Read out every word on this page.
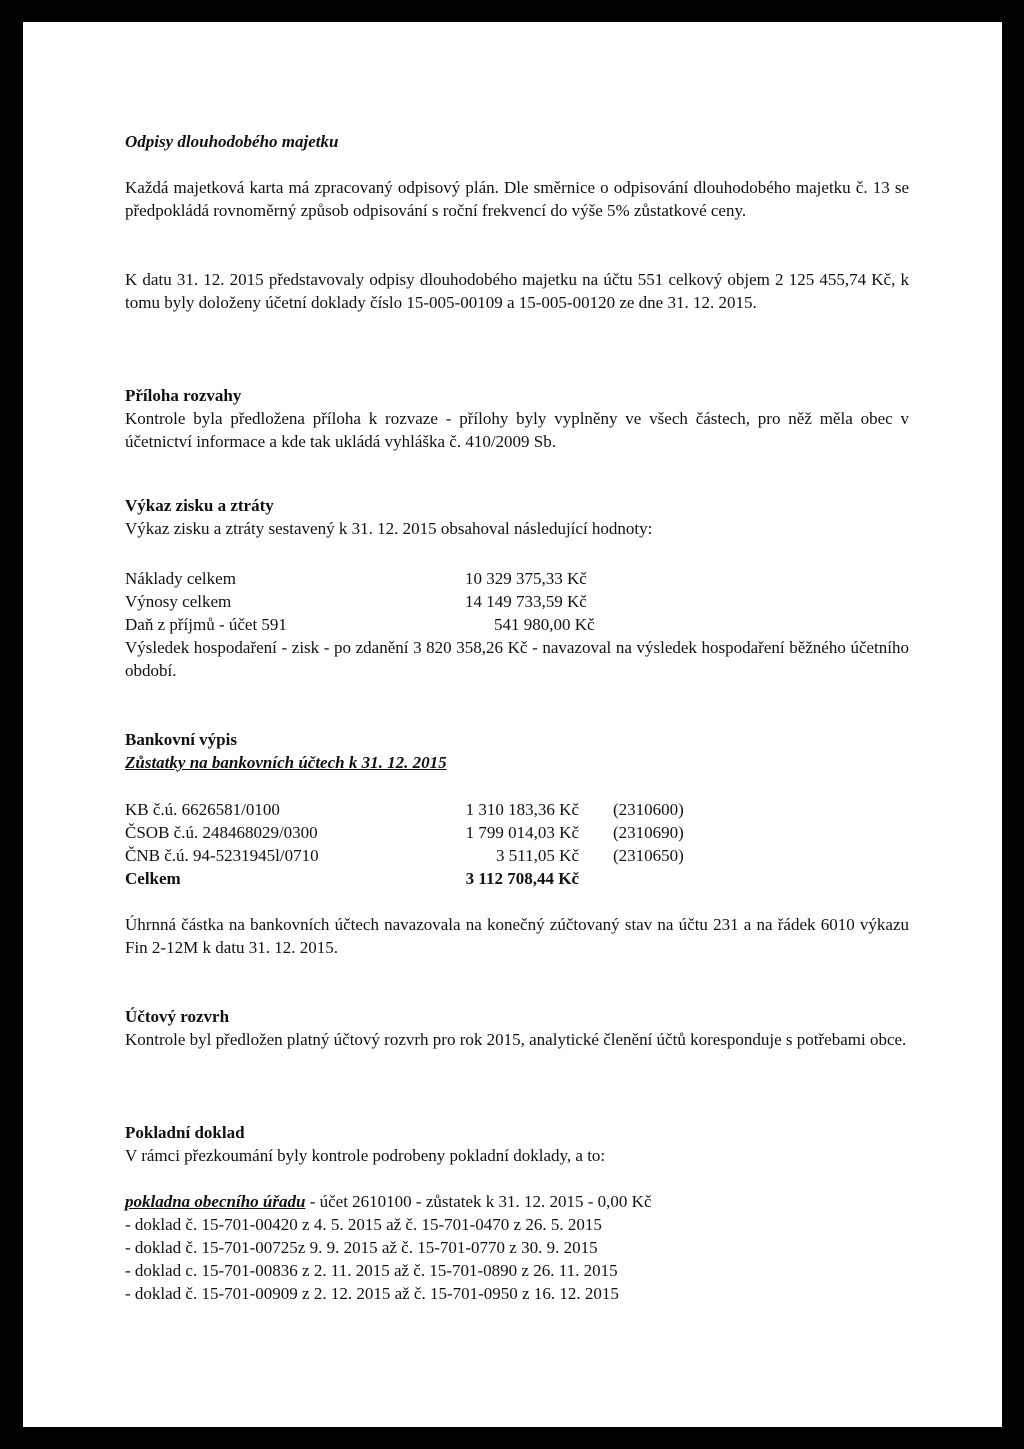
Odpisy dlouhodobého majetku

Každá majetková karta má zpracovaný odpisový plán. Dle směrnice o odpisování dlouhodobého majetku č. 13 se předpokládá rovnoměrný způsob odpisování s roční frekvencí do výše 5% zůstatkové ceny.

K datu 31. 12. 2015 představovaly odpisy dlouhodobého majetku na účtu 551 celkový objem 2 125 455,74 Kč, k tomu byly doloženy účetní doklady číslo 15-005-00109 a 15-005-00120 ze dne 31. 12. 2015.

Příloha rozvahy

Kontrole byla předložena příloha k rozvaze - přílohy byly vyplněny ve všech částech, pro něž měla obec v účetnictví informace a kde tak ukládá vyhláška č. 410/2009 Sb.

Výkaz zisku a ztráty

Výkaz zisku a ztráty sestavený k 31. 12. 2015 obsahoval následující hodnoty:

Náklady celkem	10 329 375,33 Kč
Výnosy celkem	14 149 733,59 Kč
Daň z příjmů - účet 591	541 980,00 Kč

Výsledek hospodaření - zisk - po zdanění 3 820 358,26 Kč - navazoval na výsledek hospodaření běžného účetního období.

Bankovní výpis

Zůstatky na bankovních účtech k 31. 12. 2015

KB č.ú. 6626581/0100	1 310 183,36 Kč (2310600)
ČSOB č.ú. 248468029/0300	1 799 014,03 Kč (2310690)
ČNB č.ú. 94-5231945l/0710	3 511,05 Kč (2310650)
Celkem	3 112 708,44 Kč

Úhrnná částka na bankovních účtech navazovala na konečný zúčtovaný stav na účtu 231 a na řádek 6010 výkazu Fin 2-12M k datu 31. 12. 2015.

Účtový rozvrh

Kontrole byl předložen platný účtový rozvrh pro rok 2015, analytické členění účtů koresponduje s potřebami obce.

Pokladní doklad

V rámci přezkoumání byly kontrole podrobeny pokladní doklady, a to:

pokladna obecního úřadu - účet 2610100 - zůstatek k 31. 12. 2015 - 0,00 Kč

- doklad č. 15-701-00420 z 4. 5. 2015 až č. 15-701-0470 z 26. 5. 2015

- doklad č. 15-701-00725z 9. 9. 2015 až č. 15-701-0770 z 30. 9. 2015

- doklad c. 15-701-00836 z 2. 11. 2015 až č. 15-701-0890 z 26. 11. 2015

- doklad č. 15-701-00909 z 2. 12. 2015 až č. 15-701-0950 z 16. 12. 2015
